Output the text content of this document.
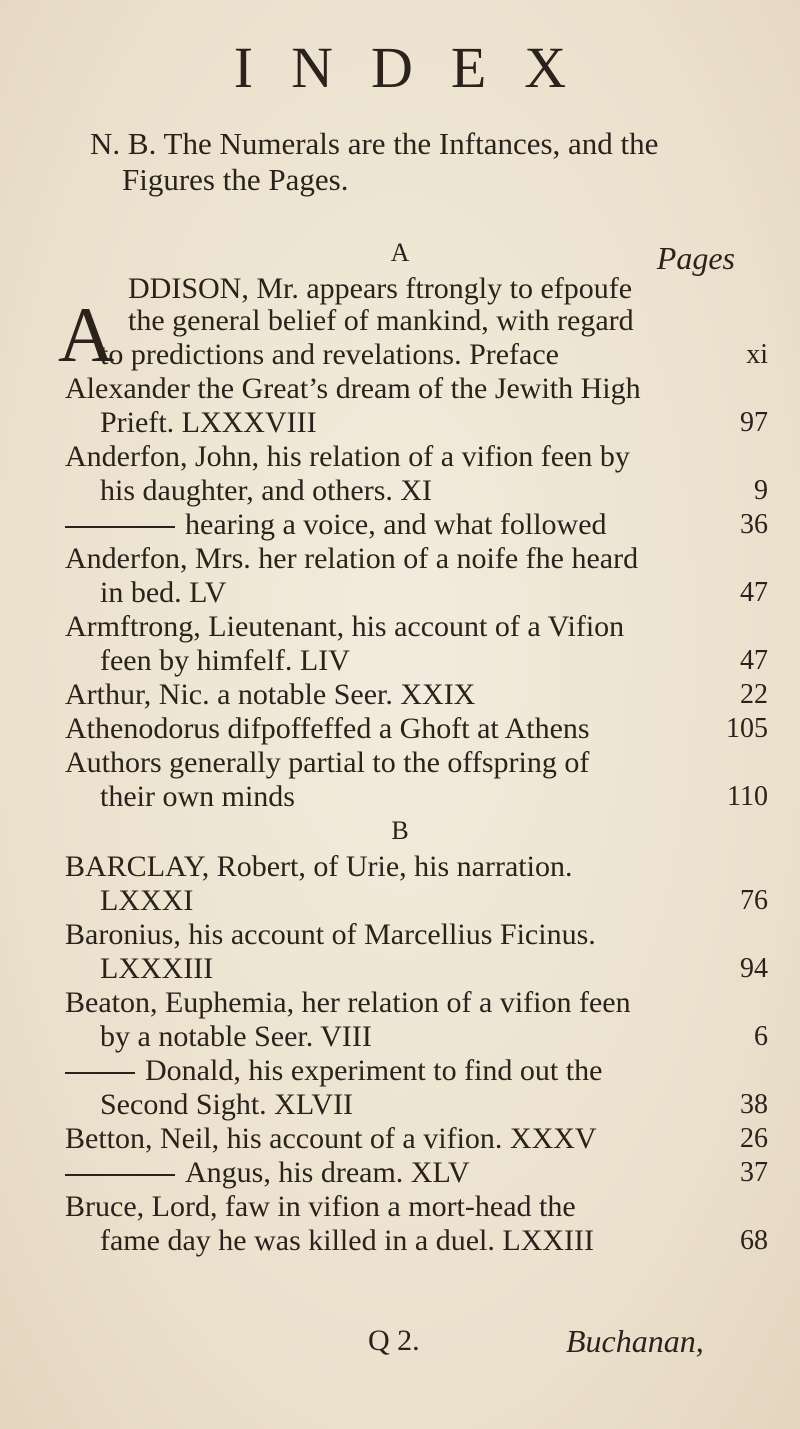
INDEX
N. B. The Numerals are the Inftances, and the
Figures the Pages.
A	Pages
A
DDISON, Mr. appears ftrongly to efpoufe
the general belief of mankind, with regard
to predictions and revelations. Preface	xi
Alexander the Great’s dream of the Jewith High
Prieft. LXXXVIII	97
Anderfon, John, his relation of a vifion feen by
his daughter, and others. XI	9
hearing a voice, and what followed	36
Anderfon, Mrs. her relation of a noife fhe heard
in bed. LV	47
Armftrong, Lieutenant, his account of a Vifion
feen by himfelf. LIV	47
Arthur, Nic. a notable Seer. XXIX	22
Athenodorus difpoffeffed a Ghoft at Athens	105
Authors generally partial to the offspring of
their own minds	110
B
BARCLAY, Robert, of Urie, his narration.
LXXXI	76
Baronius, his account of Marcellius Ficinus.
LXXXIII	94
Beaton, Euphemia, her relation of a vifion feen
by a notable Seer. VIII	6
Donald, his experiment to find out the
Second Sight. XLVII	38
Betton, Neil, his account of a vifion. XXXV	26
Angus, his dream. XLV	37
Bruce, Lord, faw in vifion a mort-head the
fame day he was killed in a duel. LXXIII	68
Q 2.	Buchanan,
